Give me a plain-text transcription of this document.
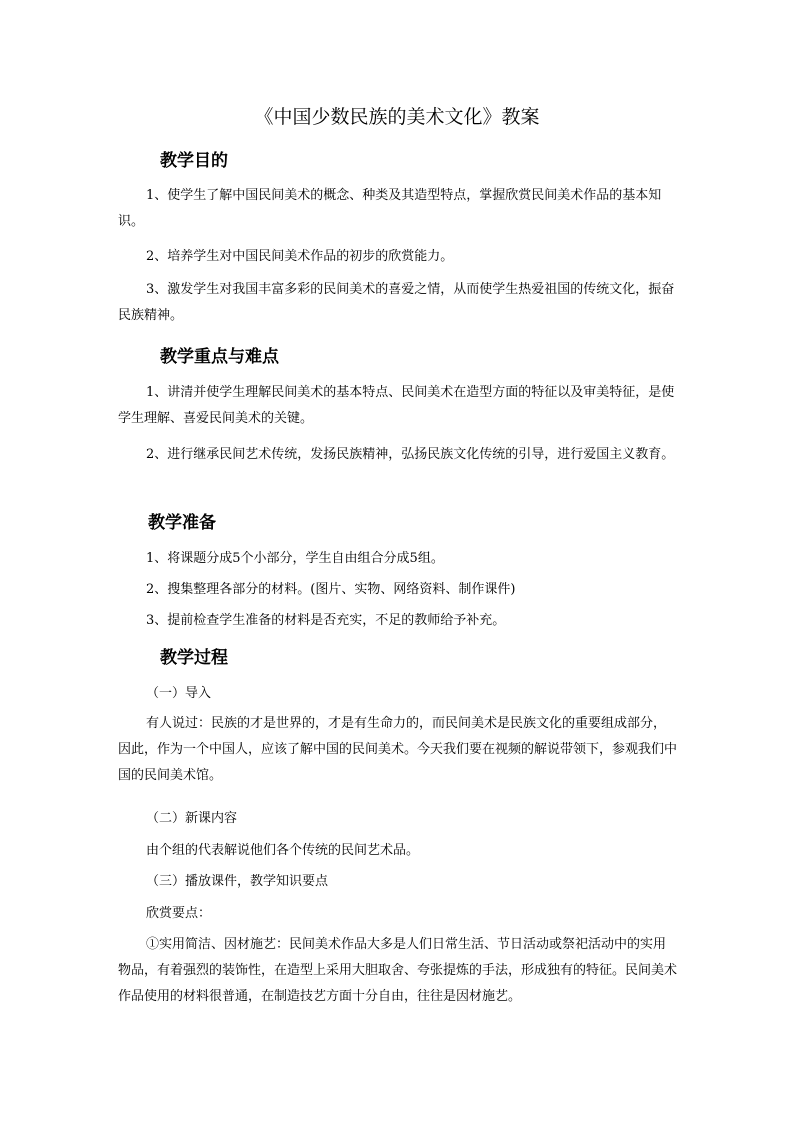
《中国少数民族的美术文化》教案
教学目的
1、使学生了解中国民间美术的概念、种类及其造型特点，掌握欣赏民间美术作品的基本知识。
2、培养学生对中国民间美术作品的初步的欣赏能力。
3、激发学生对我国丰富多彩的民间美术的喜爱之情，从而使学生热爱祖国的传统文化，振奋民族精神。
教学重点与难点
1、讲清并使学生理解民间美术的基本特点、民间美术在造型方面的特征以及审美特征，是使学生理解、喜爱民间美术的关键。
2、进行继承民间艺术传统，发扬民族精神，弘扬民族文化传统的引导，进行爱国主义教育。
教学准备
1、将课题分成5个小部分，学生自由组合分成5组。
2、搜集整理各部分的材料。(图片、实物、网络资料、制作课件)
3、提前检查学生准备的材料是否充实，不足的教师给予补充。
教学过程
（一）导入
有人说过：民族的才是世界的，才是有生命力的，而民间美术是民族文化的重要组成部分，因此，作为一个中国人，应该了解中国的民间美术。今天我们要在视频的解说带领下，参观我们中国的民间美术馆。
（二）新课内容
由个组的代表解说他们各个传统的民间艺术品。
（三）播放课件，教学知识要点
欣赏要点：
①实用简洁、因材施艺：民间美术作品大多是人们日常生活、节日活动或祭祀活动中的实用物品，有着强烈的装饰性，在造型上采用大胆取舍、夸张提炼的手法，形成独有的特征。民间美术作品使用的材料很普通，在制造技艺方面十分自由，往往是因材施艺。
